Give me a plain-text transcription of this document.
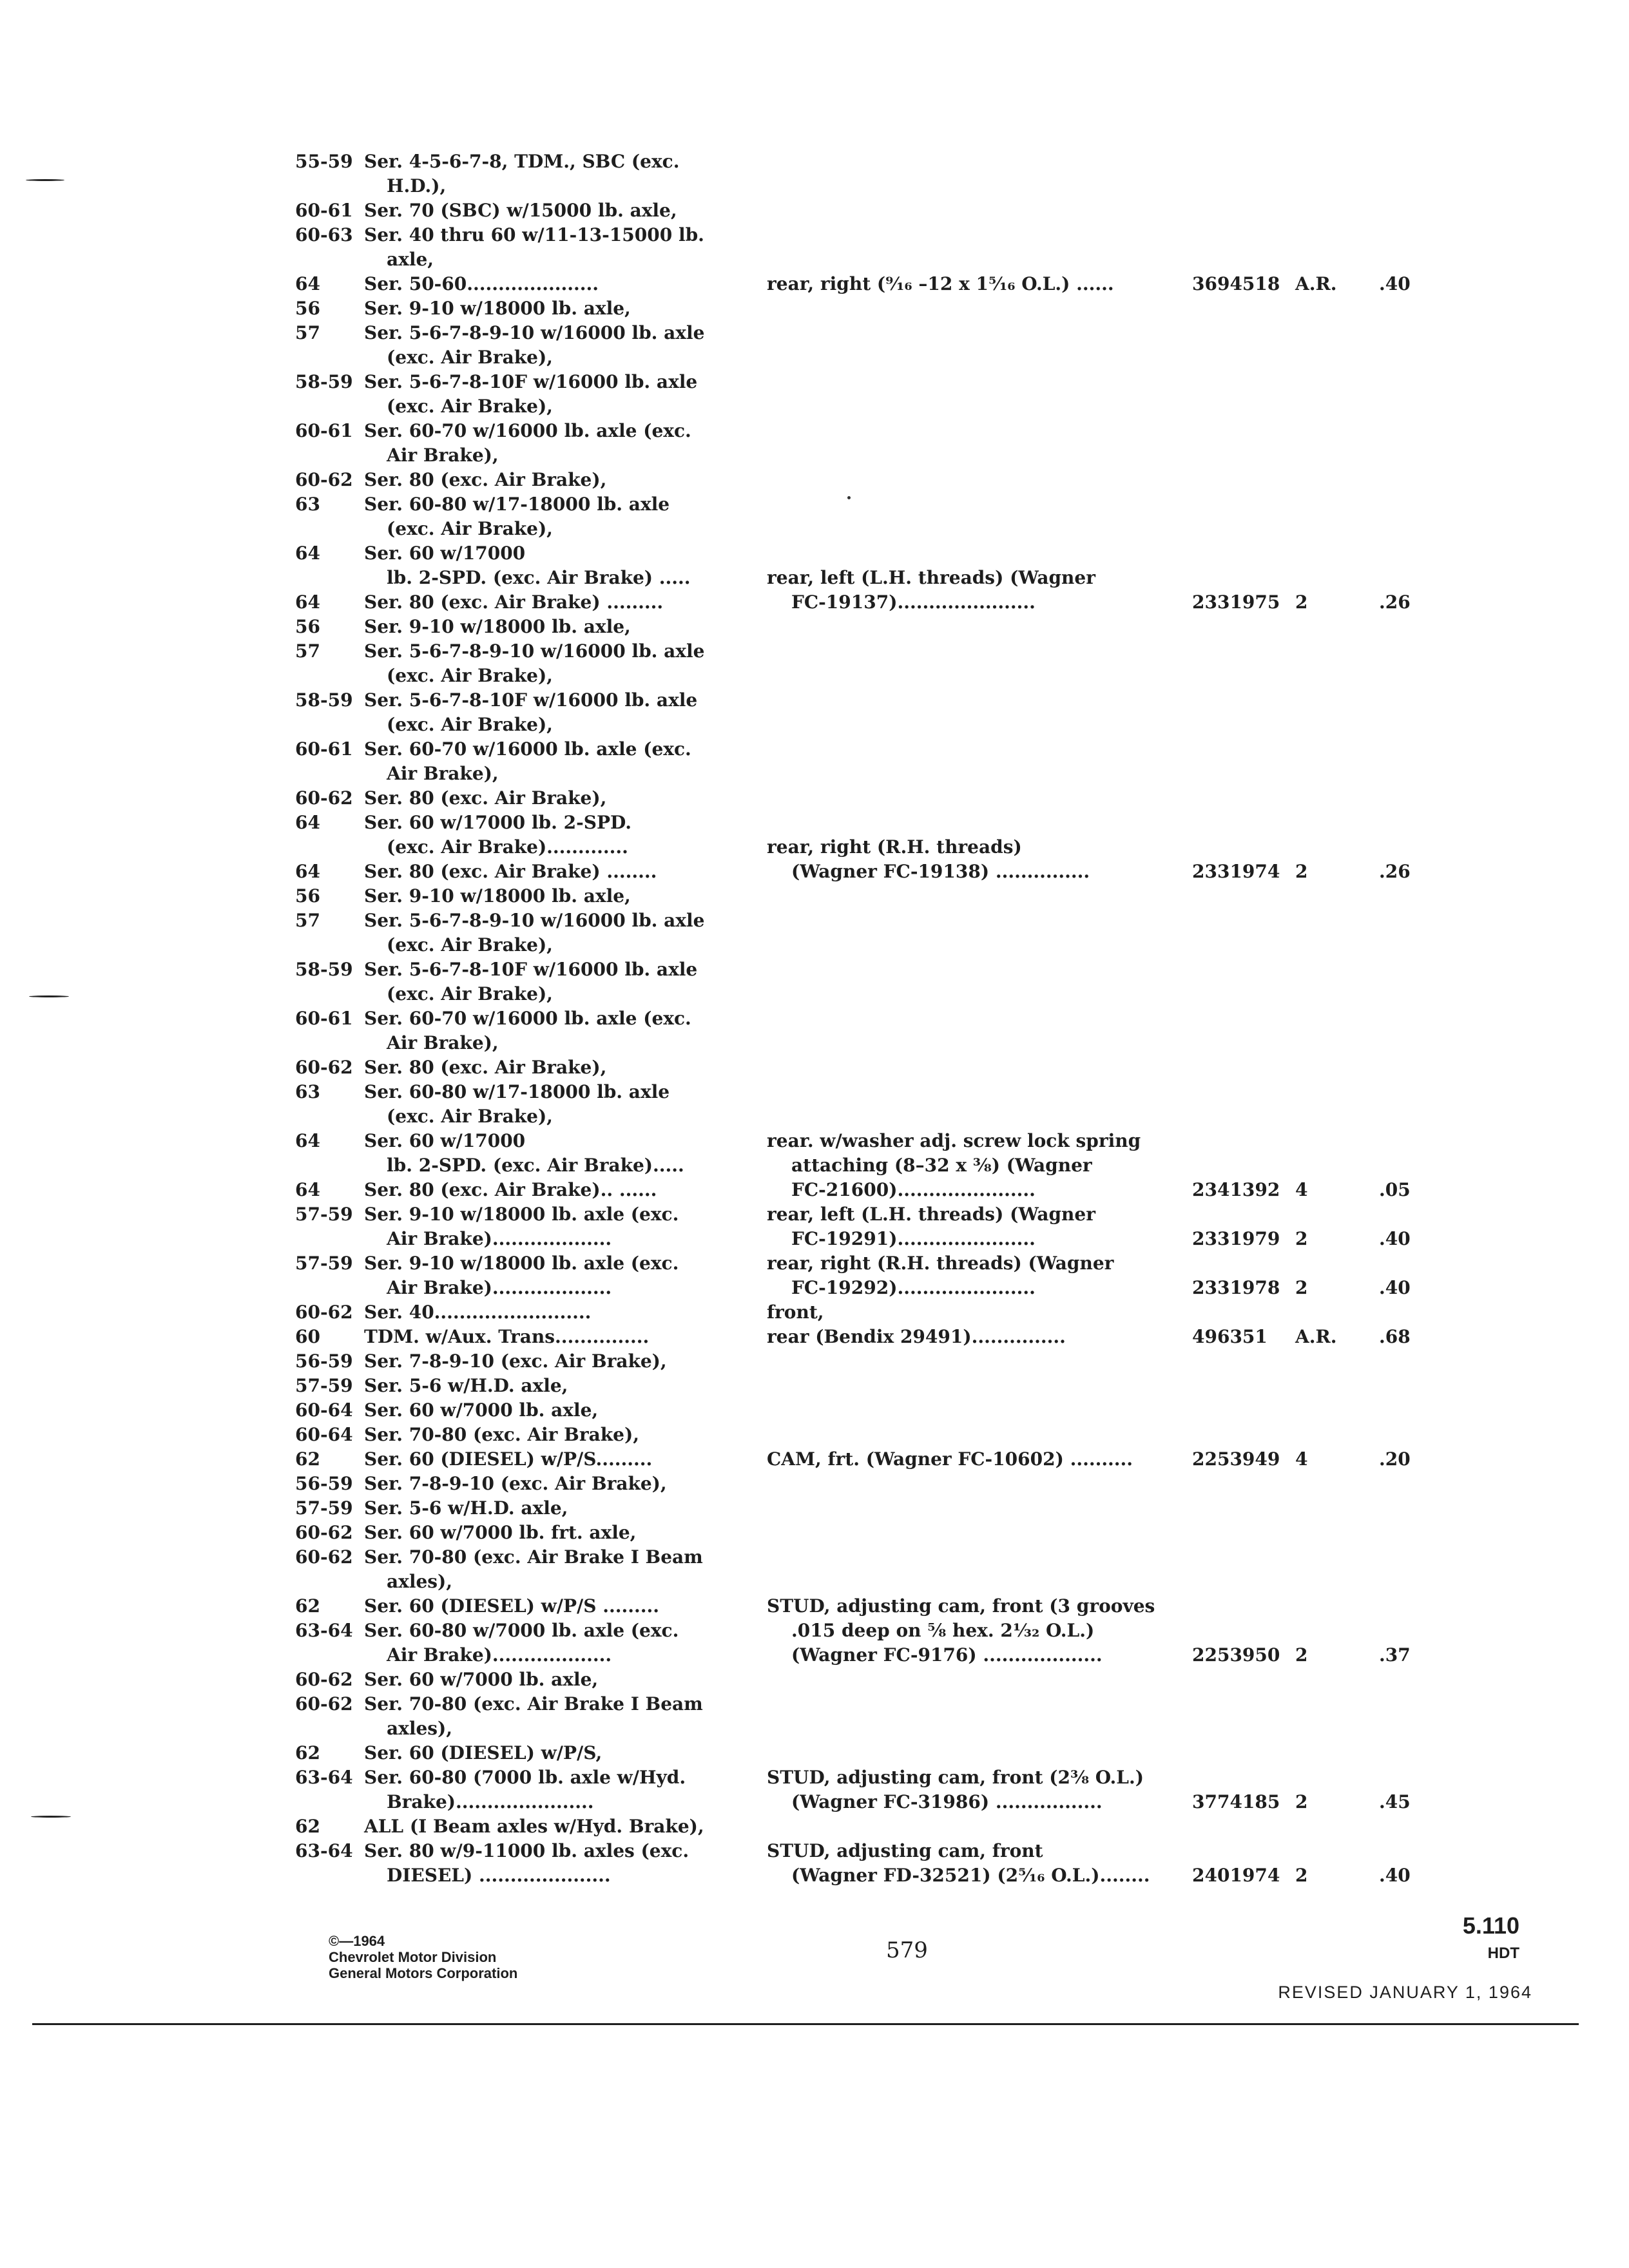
55-59 Ser. 4-5-6-7-8, TDM., SBC (exc.
H.D.),
60-61 Ser. 70 (SBC) w/15000 lb. axle,
60-63 Ser. 40 thru 60 w/11-13-15000 lb.
axle,
64 Ser. 50-60.....................	rear, right (⁹⁄₁₆ –12 x 1⁵⁄₁₆ O.L.) ......	3694518 A.R. .40
56 Ser. 9-10 w/18000 lb. axle,
57 Ser. 5-6-7-8-9-10 w/16000 lb. axle
(exc. Air Brake),
58-59 Ser. 5-6-7-8-10F w/16000 lb. axle
(exc. Air Brake),
60-61 Ser. 60-70 w/16000 lb. axle (exc.
Air Brake),
60-62 Ser. 80 (exc. Air Brake),
63 Ser. 60-80 w/17-18000 lb. axle
(exc. Air Brake),
64 Ser. 60 w/17000
lb. 2-SPD. (exc. Air Brake) .....	rear, left (L.H. threads) (Wagner
64 Ser. 80 (exc. Air Brake) .........	FC-19137)......................	2331975 2	.26
56 Ser. 9-10 w/18000 lb. axle,
57 Ser. 5-6-7-8-9-10 w/16000 lb. axle
(exc. Air Brake),
58-59 Ser. 5-6-7-8-10F w/16000 lb. axle
(exc. Air Brake),
60-61 Ser. 60-70 w/16000 lb. axle (exc.
Air Brake),
60-62 Ser. 80 (exc. Air Brake),
64 Ser. 60 w/17000 lb. 2-SPD.
(exc. Air Brake).............	rear, right (R.H. threads)
64 Ser. 80 (exc. Air Brake) ........	(Wagner FC-19138) ...............	2331974 2	.26
56 Ser. 9-10 w/18000 lb. axle,
57 Ser. 5-6-7-8-9-10 w/16000 lb. axle
(exc. Air Brake),
58-59 Ser. 5-6-7-8-10F w/16000 lb. axle
(exc. Air Brake),
60-61 Ser. 60-70 w/16000 lb. axle (exc.
Air Brake),
60-62 Ser. 80 (exc. Air Brake),
63 Ser. 60-80 w/17-18000 lb. axle
(exc. Air Brake),
64 Ser. 60 w/17000	rear. w/washer adj. screw lock spring
lb. 2-SPD. (exc. Air Brake).....	attaching (8–32 x ⅜) (Wagner
64 Ser. 80 (exc. Air Brake).. ......	FC-21600)......................	2341392 4	.05
57-59 Ser. 9-10 w/18000 lb. axle (exc.	rear, left (L.H. threads) (Wagner
Air Brake)...................	FC-19291)......................	2331979 2	.40
57-59 Ser. 9-10 w/18000 lb. axle (exc.	rear, right (R.H. threads) (Wagner
Air Brake)...................	FC-19292)......................	2331978 2	.40
60-62 Ser. 40.........................	front,
60 TDM. w/Aux. Trans...............	rear (Bendix 29491)...............	496351 A.R. .68
56-59 Ser. 7-8-9-10 (exc. Air Brake),
57-59 Ser. 5-6 w/H.D. axle,
60-64 Ser. 60 w/7000 lb. axle,
60-64 Ser. 70-80 (exc. Air Brake),
62 Ser. 60 (DIESEL) w/P/S.........	CAM, frt. (Wagner FC-10602) ..........	2253949 4	.20
56-59 Ser. 7-8-9-10 (exc. Air Brake),
57-59 Ser. 5-6 w/H.D. axle,
60-62 Ser. 60 w/7000 lb. frt. axle,
60-62 Ser. 70-80 (exc. Air Brake I Beam
axles),
62 Ser. 60 (DIESEL) w/P/S .........	STUD, adjusting cam, front (3 grooves
63-64 Ser. 60-80 w/7000 lb. axle (exc.	.015 deep on ⅝ hex. 2¹⁄₃₂ O.L.)
Air Brake)...................	(Wagner FC-9176) ...................	2253950 2	.37
60-62 Ser. 60 w/7000 lb. axle,
60-62 Ser. 70-80 (exc. Air Brake I Beam
axles),
62 Ser. 60 (DIESEL) w/P/S,
63-64 Ser. 60-80 (7000 lb. axle w/Hyd.	STUD, adjusting cam, front (2⅜ O.L.)
Brake)......................	(Wagner FC-31986) .................	3774185 2	.45
62 ALL (I Beam axles w/Hyd. Brake),
63-64 Ser. 80 w/9-11000 lb. axles (exc.	STUD, adjusting cam, front
DIESEL) .....................	(Wagner FD-32521) (2⁵⁄₁₆ O.L.)........ 2401974 2	.40
©—1964
Chevrolet Motor Division
General Motors Corporation
579
5.110
HDT
REVISED JANUARY 1, 1964
